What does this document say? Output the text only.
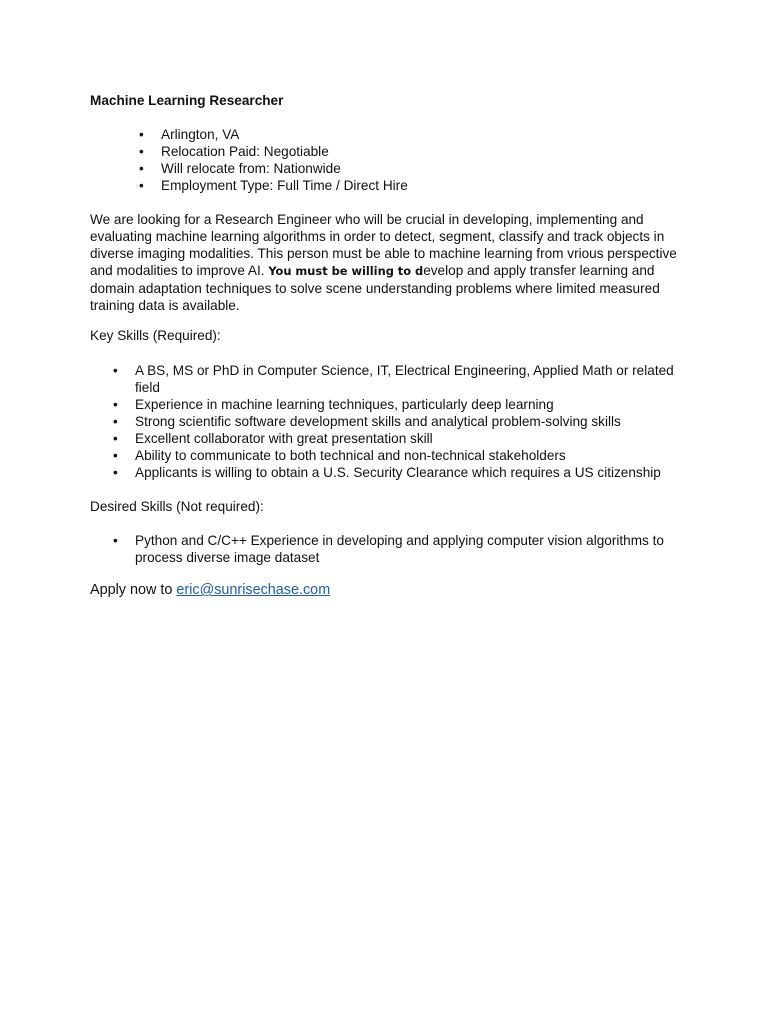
Machine Learning Researcher

• Arlington, VA
• Relocation Paid: Negotiable
• Will relocate from: Nationwide
• Employment Type: Full Time / Direct Hire

We are looking for a Research Engineer who will be crucial in developing, implementing and evaluating machine learning algorithms in order to detect, segment, classify and track objects in diverse imaging modalities. This person must be able to machine learning from vrious perspective and modalities to improve AI. You must be willing to develop and apply transfer learning and domain adaptation techniques to solve scene understanding problems where limited measured training data is available.

Key Skills (Required):

• A BS, MS or PhD in Computer Science, IT, Electrical Engineering, Applied Math or related field
• Experience in machine learning techniques, particularly deep learning
• Strong scientific software development skills and analytical problem-solving skills
• Excellent collaborator with great presentation skill
• Ability to communicate to both technical and non-technical stakeholders
• Applicants is willing to obtain a U.S. Security Clearance which requires a US citizenship

Desired Skills (Not required):

• Python and C/C++ Experience in developing and applying computer vision algorithms to process diverse image dataset

Apply now to eric@sunrisechase.com
